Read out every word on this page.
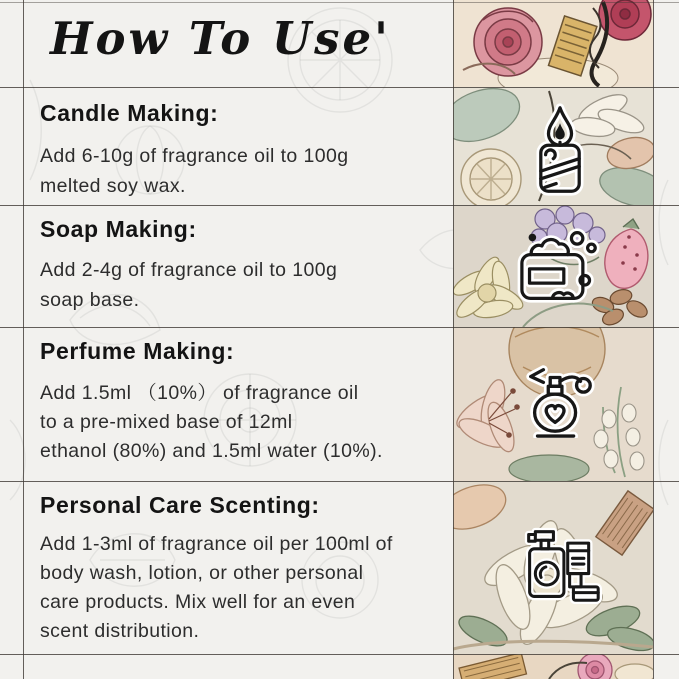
How To Use'
Candle Making:
Add 6-10g of fragrance oil to 100g
melted soy wax.
Soap Making:
Add 2-4g of fragrance oil to 100g
soap base.
Perfume Making:
Add 1.5ml （10%） of fragrance oil
to a pre-mixed base of 12ml
ethanol (80%) and 1.5ml water (10%).
Personal Care Scenting:
Add 1-3ml of fragrance oil per 100ml of
body wash, lotion, or other personal
care products. Mix well for an even
scent distribution.
